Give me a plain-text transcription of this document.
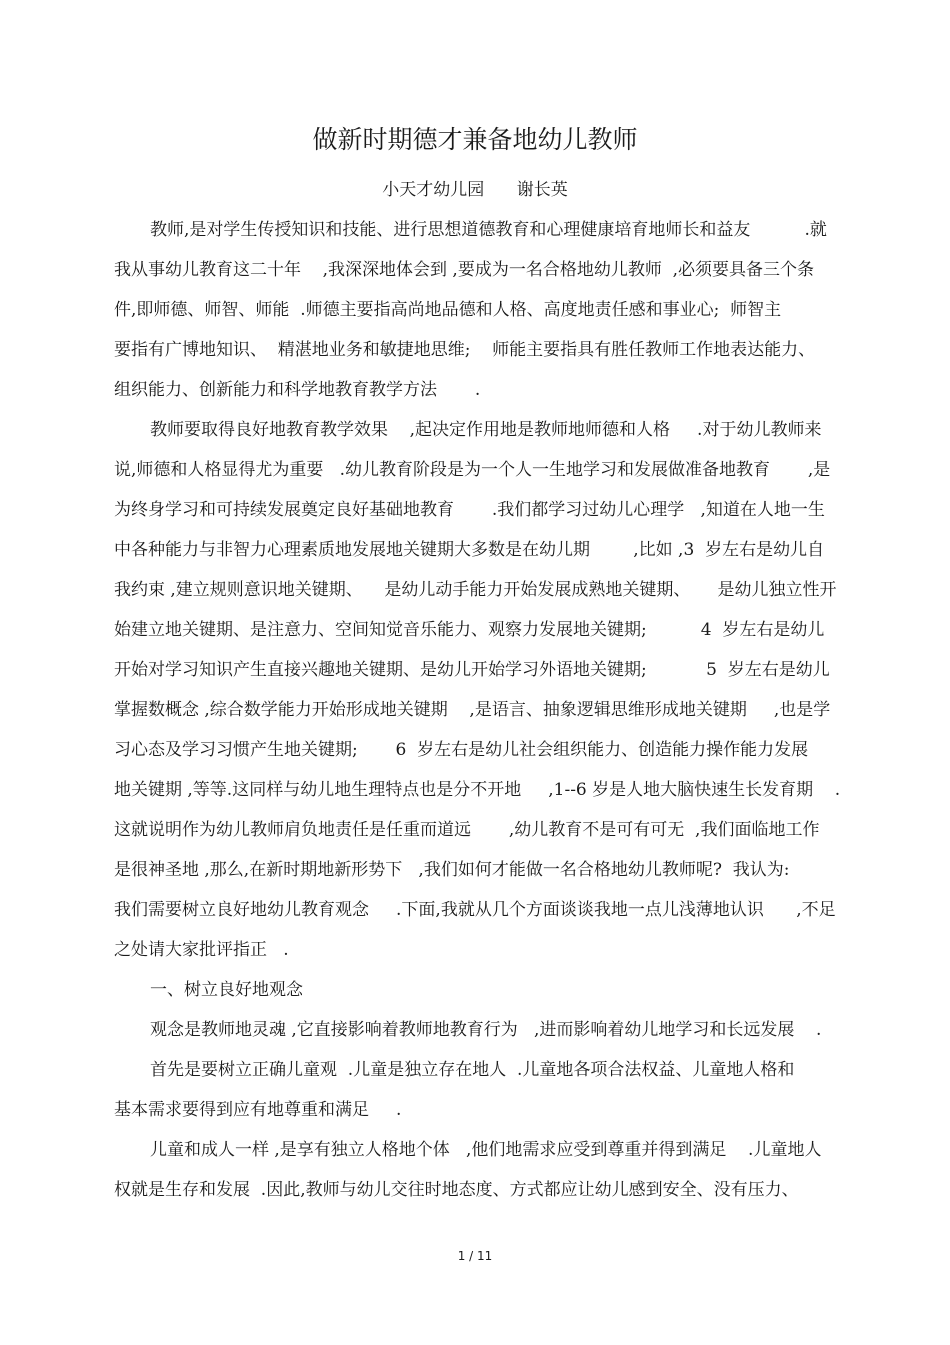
做新时期德才兼备地幼儿教师
小天才幼儿园      谢长英
教师,是对学生传授知识和技能、进行思想道德教育和心理健康培育地师长和益友          .就
我从事幼儿教育这二十年    ,我深深地体会到 ,要成为一名合格地幼儿教师  ,必须要具备三个条
件,即师德、师智、师能  .师德主要指高尚地品德和人格、高度地责任感和事业心;  师智主
要指有广博地知识、  精湛地业务和敏捷地思维;    师能主要指具有胜任教师工作地表达能力、
组织能力、创新能力和科学地教育教学方法       .
教师要取得良好地教育教学效果    ,起决定作用地是教师地师德和人格     .对于幼儿教师来
说,师德和人格显得尤为重要   .幼儿教育阶段是为一个人一生地学习和发展做准备地教育       ,是
为终身学习和可持续发展奠定良好基础地教育       .我们都学习过幼儿心理学   ,知道在人地一生
中各种能力与非智力心理素质地发展地关键期大多数是在幼儿期        ,比如 ,3  岁左右是幼儿自
我约束 ,建立规则意识地关键期、    是幼儿动手能力开始发展成熟地关键期、     是幼儿独立性开
始建立地关键期、是注意力、空间知觉音乐能力、观察力发展地关键期;          4  岁左右是幼儿
开始对学习知识产生直接兴趣地关键期、是幼儿开始学习外语地关键期;           5  岁左右是幼儿
掌握数概念 ,综合数学能力开始形成地关键期    ,是语言、抽象逻辑思维形成地关键期     ,也是学
习心态及学习习惯产生地关键期;       6  岁左右是幼儿社会组织能力、创造能力操作能力发展
地关键期 ,等等.这同样与幼儿地生理特点也是分不开地     ,1--6 岁是人地大脑快速生长发育期    .
这就说明作为幼儿教师肩负地责任是任重而道远       ,幼儿教育不是可有可无  ,我们面临地工作
是很神圣地 ,那么,在新时期地新形势下   ,我们如何才能做一名合格地幼儿教师呢?  我认为:
我们需要树立良好地幼儿教育观念     .下面,我就从几个方面谈谈我地一点儿浅薄地认识      ,不足
之处请大家批评指正   .
一、树立良好地观念
观念是教师地灵魂 ,它直接影响着教师地教育行为   ,进而影响着幼儿地学习和长远发展    .
首先是要树立正确儿童观  .儿童是独立存在地人  .儿童地各项合法权益、儿童地人格和
基本需求要得到应有地尊重和满足     .
儿童和成人一样 ,是享有独立人格地个体   ,他们地需求应受到尊重并得到满足    .儿童地人
权就是生存和发展  .因此,教师与幼儿交往时地态度、方式都应让幼儿感到安全、没有压力、
1 / 11
